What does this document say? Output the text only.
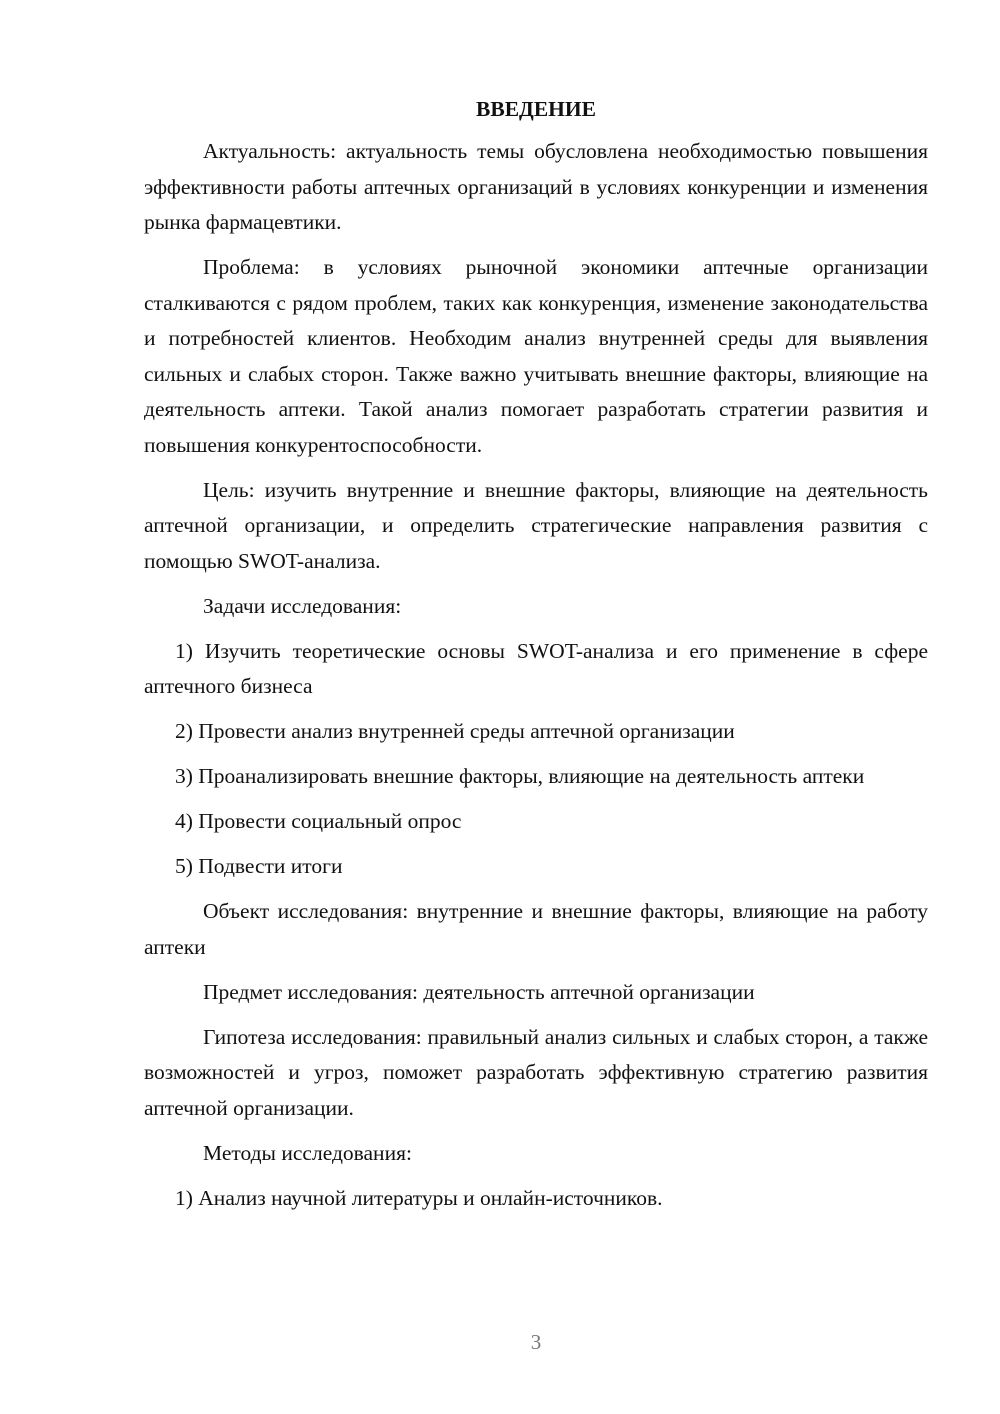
ВВЕДЕНИЕ

Актуальность: актуальность темы обусловлена необходимостью повышения эффективности работы аптечных организаций в условиях конкуренции и изменения рынка фармацевтики.

Проблема: в условиях рыночной экономики аптечные организации сталкиваются с рядом проблем, таких как конкуренция, изменение законодательства и потребностей клиентов. Необходим анализ внутренней среды для выявления сильных и слабых сторон. Также важно учитывать внешние факторы, влияющие на деятельность аптеки. Такой анализ помогает разработать стратегии развития и повышения конкурентоспособности.

Цель: изучить внутренние и внешние факторы, влияющие на деятельность аптечной организации, и определить стратегические направления развития с помощью SWOT-анализа.

Задачи исследования:

1) Изучить теоретические основы SWOT-анализа и его применение в сфере аптечного бизнеса

2) Провести анализ внутренней среды аптечной организации

3) Проанализировать внешние факторы, влияющие на деятельность аптеки

4) Провести социальный опрос

5) Подвести итоги

Объект исследования: внутренние и внешние факторы, влияющие на работу аптеки

Предмет исследования: деятельность аптечной организации

Гипотеза исследования: правильный анализ сильных и слабых сторон, а также возможностей и угроз, поможет разработать эффективную стратегию развития аптечной организации.

Методы исследования:

1) Анализ научной литературы и онлайн-источников.

3
